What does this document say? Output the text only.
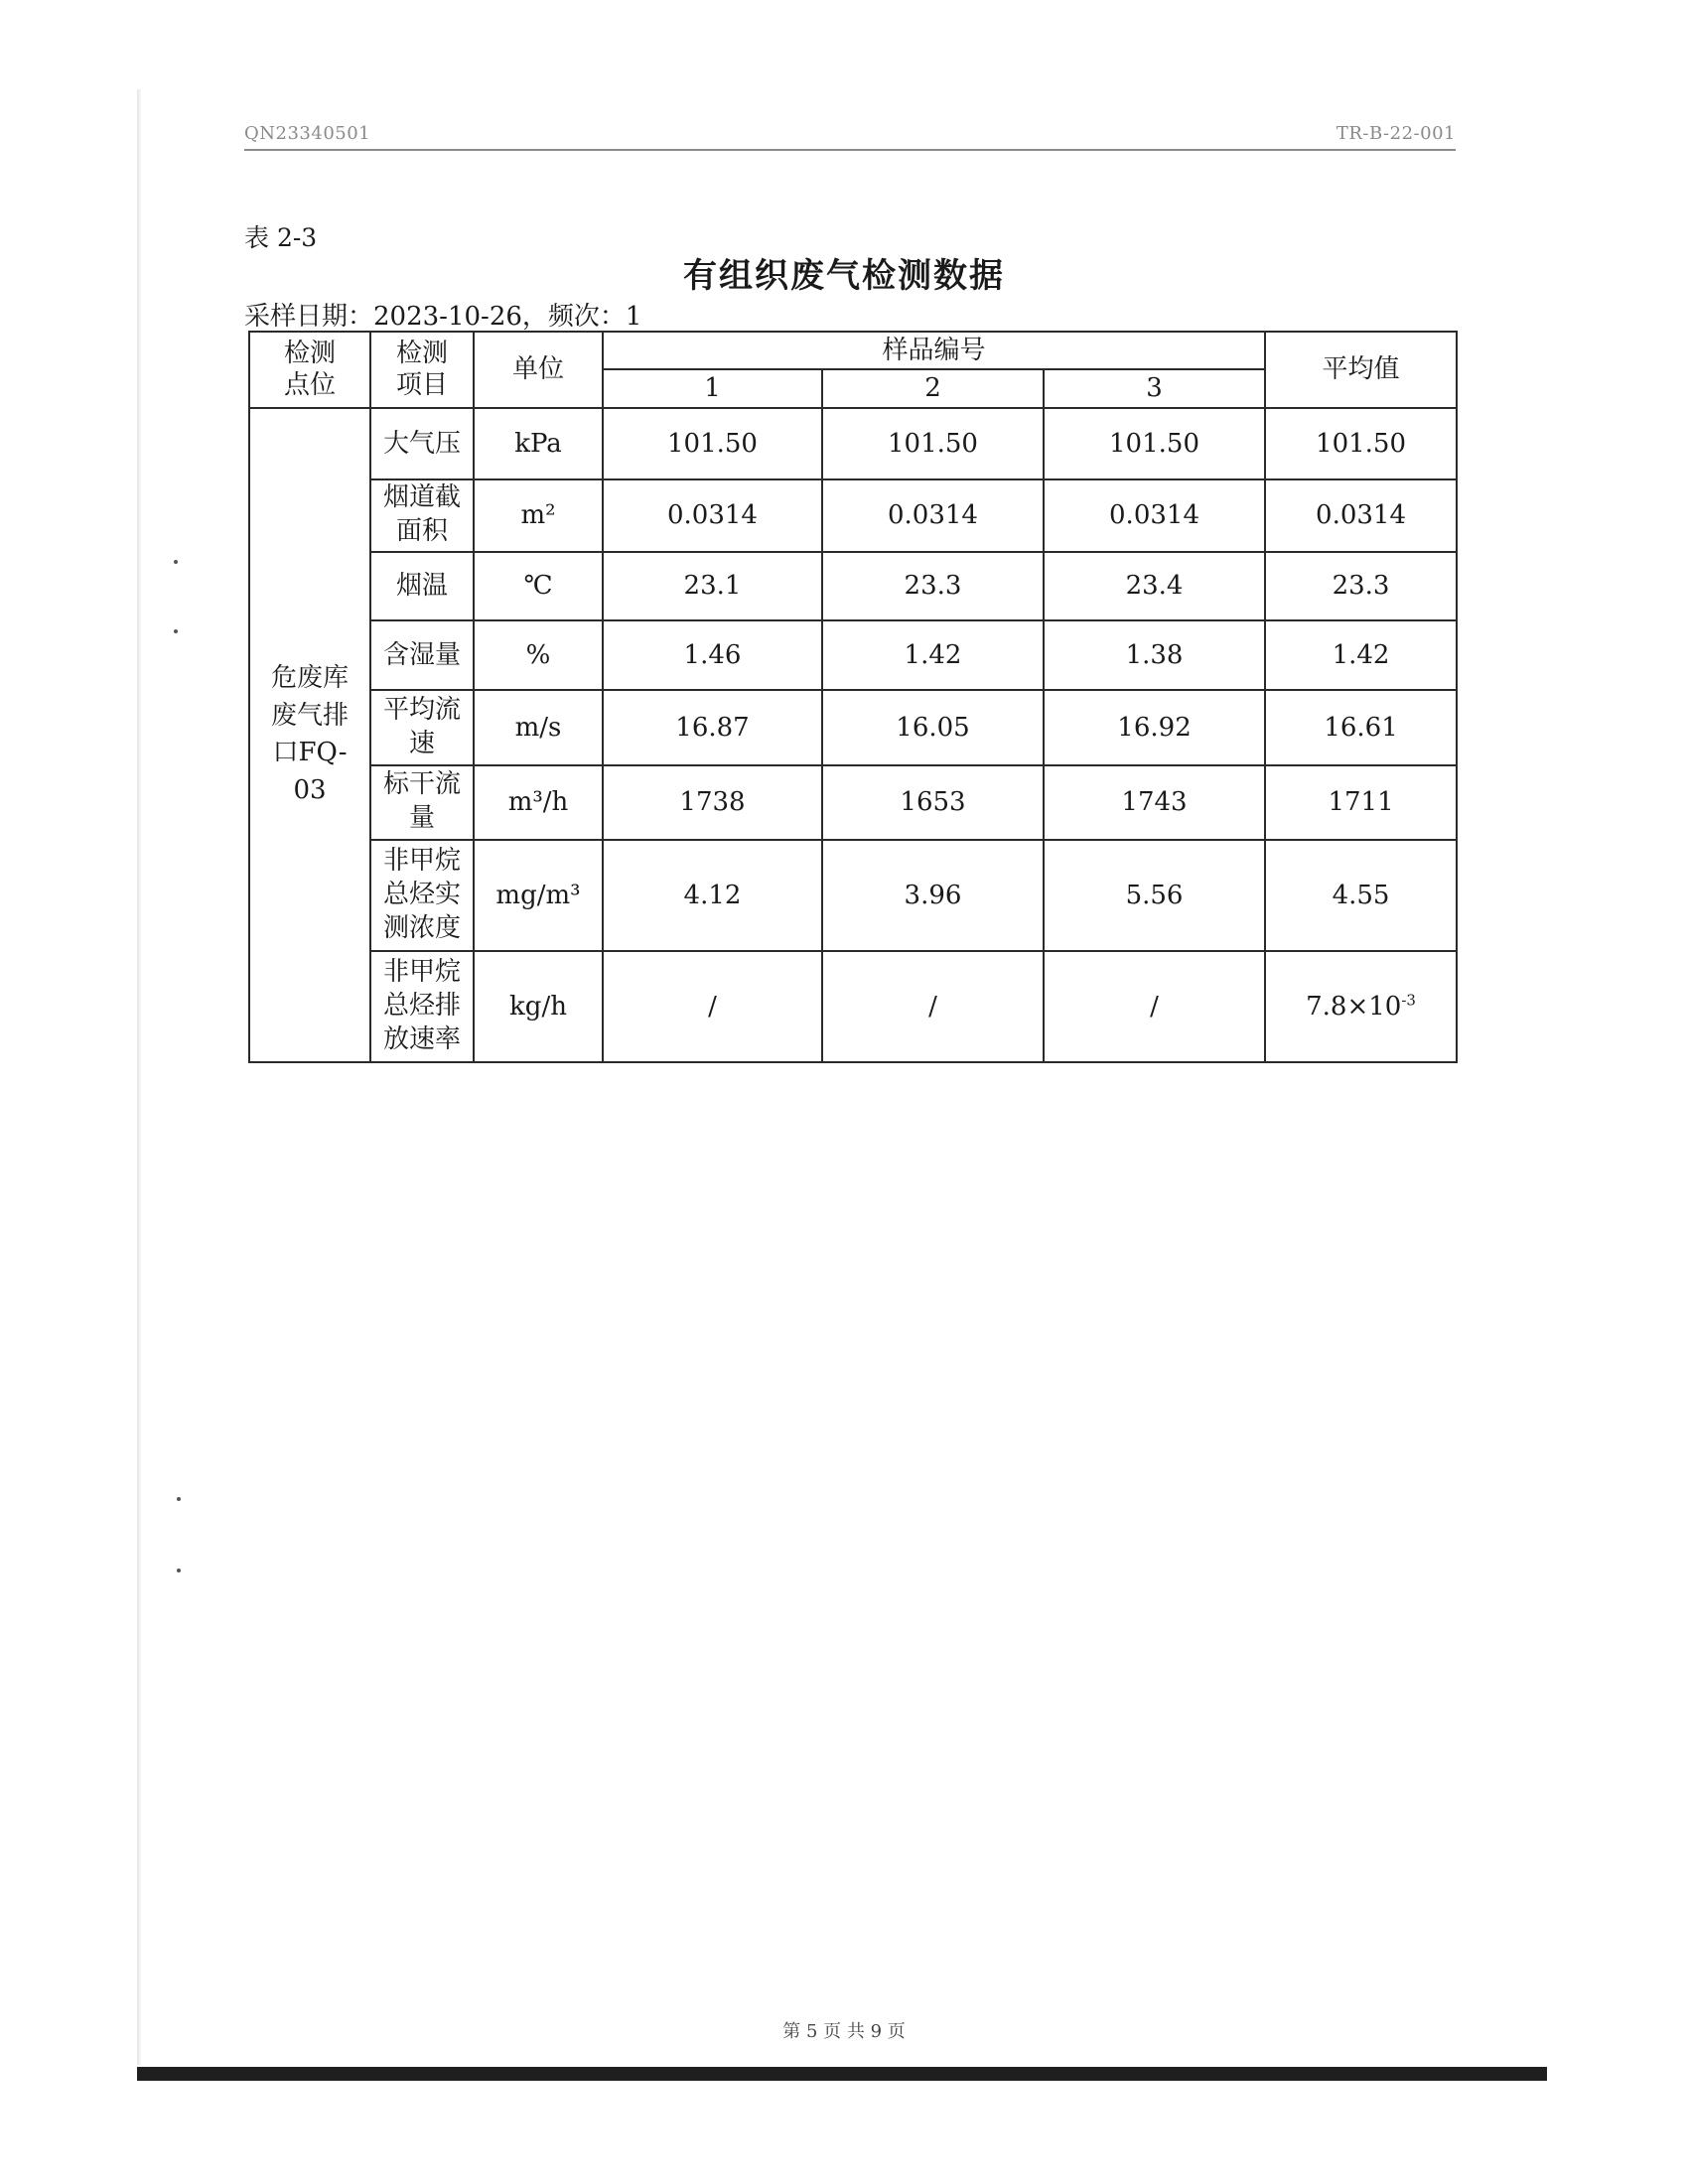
QN23340501	TR-B-22-001
表 2-3
有组织废气检测数据
采样日期：2023-10-26，频次：1
检测点位	检测项目	单位	样品编号			平均值
			1	2	3	
危废库废气排口FQ-03	大气压	kPa	101.50	101.50	101.50	101.50
	烟道截面积	m²	0.0314	0.0314	0.0314	0.0314
	烟温	℃	23.1	23.3	23.4	23.3
	含湿量	%	1.46	1.42	1.38	1.42
	平均流速	m/s	16.87	16.05	16.92	16.61
	标干流量	m³/h	1738	1653	1743	1711
	非甲烷总烃实测浓度	mg/m³	4.12	3.96	5.56	4.55
	非甲烷总烃排放速率	kg/h	/	/	/	$7.8\times 10^{-3}$
第 5 页 共 9 页
